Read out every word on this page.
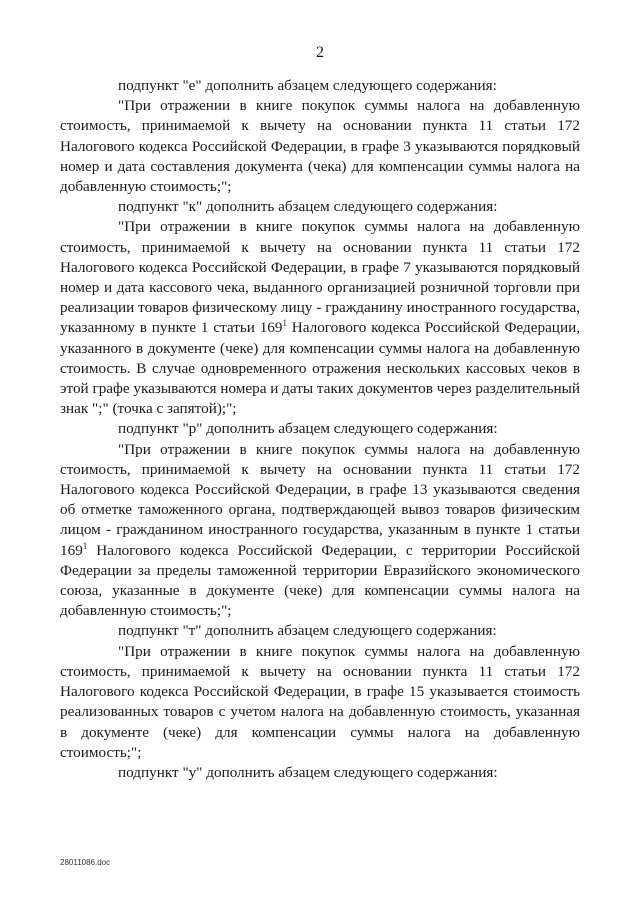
2

подпункт "е" дополнить абзацем следующего содержания:

"При отражении в книге покупок суммы налога на добавленную стоимость, принимаемой к вычету на основании пункта 11 статьи 172 Налогового кодекса Российской Федерации, в графе 3 указываются порядковый номер и дата составления документа (чека) для компенсации суммы налога на добавленную стоимость;";

подпункт "к" дополнить абзацем следующего содержания:

"При отражении в книге покупок суммы налога на добавленную стоимость, принимаемой к вычету на основании пункта 11 статьи 172 Налогового кодекса Российской Федерации, в графе 7 указываются порядковый номер и дата кассового чека, выданного организацией розничной торговли при реализации товаров физическому лицу - гражданину иностранного государства, указанному в пункте 1 статьи $169^1$ Налогового кодекса Российской Федерации, указанного в документе (чеке) для компенсации суммы налога на добавленную стоимость. В случае одновременного отражения нескольких кассовых чеков в этой графе указываются номера и даты таких документов через разделительный знак ";" (точка с запятой);";

подпункт "р" дополнить абзацем следующего содержания:

"При отражении в книге покупок суммы налога на добавленную стоимость, принимаемой к вычету на основании пункта 11 статьи 172 Налогового кодекса Российской Федерации, в графе 13 указываются сведения об отметке таможенного органа, подтверждающей вывоз товаров физическим лицом - гражданином иностранного государства, указанным в пункте 1 статьи $169^1$ Налогового кодекса Российской Федерации, с территории Российской Федерации за пределы таможенной территории Евразийского экономического союза, указанные в документе (чеке) для компенсации суммы налога на добавленную стоимость;";

подпункт "т" дополнить абзацем следующего содержания:

"При отражении в книге покупок суммы налога на добавленную стоимость, принимаемой к вычету на основании пункта 11 статьи 172 Налогового кодекса Российской Федерации, в графе 15 указывается стоимость реализованных товаров с учетом налога на добавленную стоимость, указанная в документе (чеке) для компенсации суммы налога на добавленную стоимость;";

подпункт "у" дополнить абзацем следующего содержания:

28011086.doc
